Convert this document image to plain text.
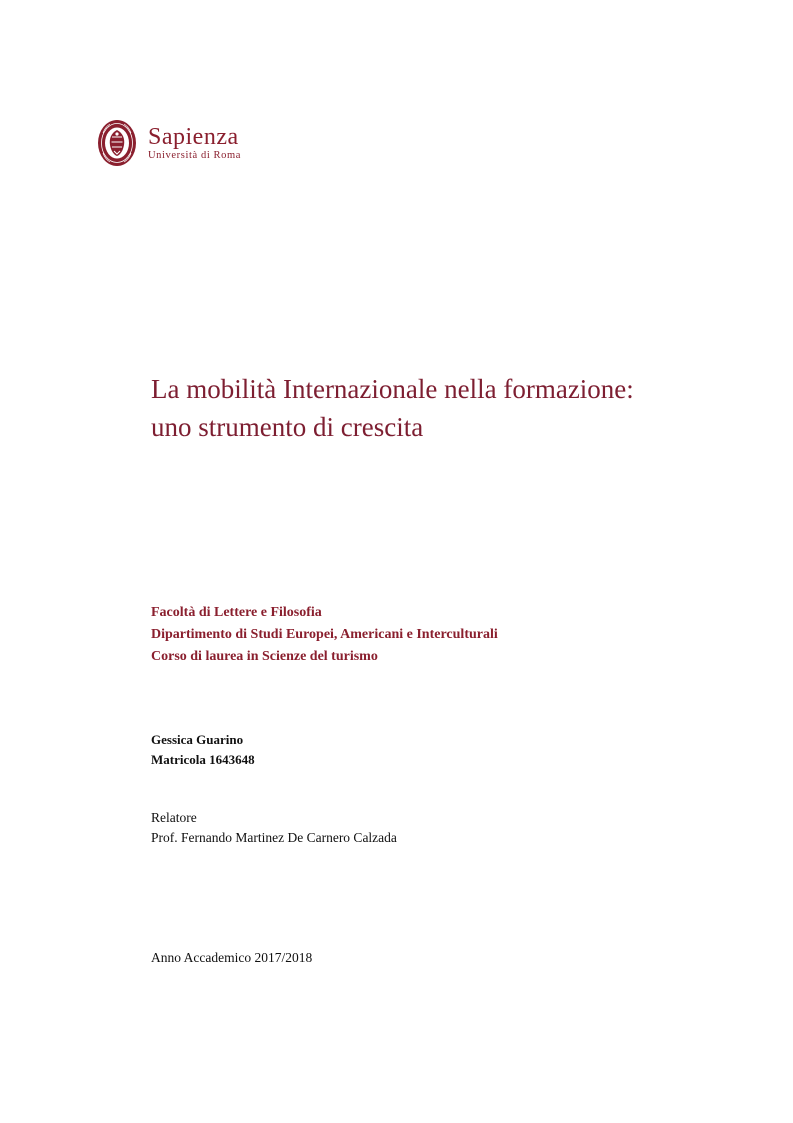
Sapienza
Università di Roma
La mobilità Internazionale nella formazione:
uno strumento di crescita
Facoltà di Lettere e Filosofia
Dipartimento di Studi Europei, Americani e Interculturali
Corso di laurea in Scienze del turismo
Gessica Guarino
Matricola 1643648
Relatore
Prof. Fernando Martinez De Carnero Calzada
Anno Accademico 2017/2018
